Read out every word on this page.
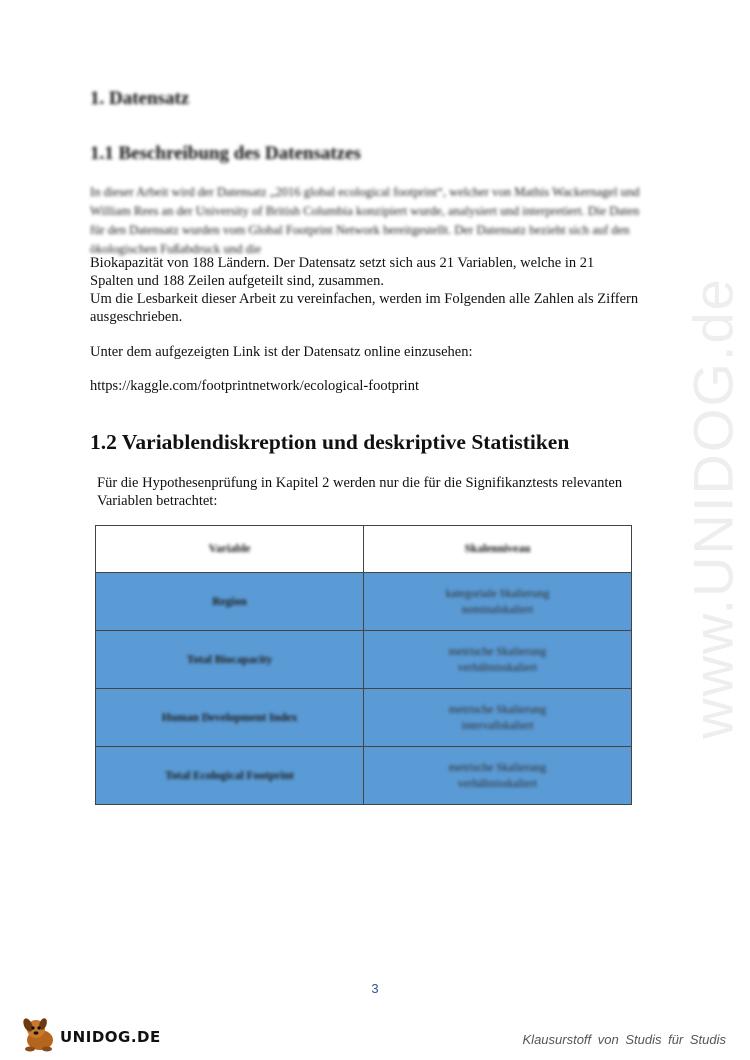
www.UNIDOG.de
1. Datensatz
1.1 Beschreibung des Datensatzes

In dieser Arbeit wird der Datensatz „2016 global ecological footprint“, welcher von Mathis Wackernagel und William Rees an der University of British Columbia konzipiert wurde, analysiert und interpretiert. Die Daten für den Datensatz wurden vom Global Footprint Network bereitgestellt. Der Datensatz bezieht sich auf den ökologischen Fußabdruck und die

Biokapazität von 188 Ländern. Der Datensatz setzt sich aus 21 Variablen, welche in 21

Spalten und 188 Zeilen aufgeteilt sind, zusammen.

Um die Lesbarkeit dieser Arbeit zu vereinfachen, werden im Folgenden alle Zahlen als Ziffern ausgeschrieben.

Unter dem aufgezeigten Link ist der Datensatz online einzusehen:

https://kaggle.com/footprintnetwork/ecological-footprint

1.2 Variablendiskreption und deskriptive Statistiken

Für die Hypothesenprüfung in Kapitel 2 werden nur die für die Signifikanztests relevanten Variablen betrachtet:

Variable	Skalenniveau

Region	kategoriale Skalierung
nominalskaliert

Total Biocapacity	metrische Skalierung
verhältnisskaliert

Human Development Index	metrische Skalierung
intervallskaliert

Total Ecological Footprint	metrische Skalierung
verhältnisskaliert
3
UNIDOG.DE	Klausurstoff von Studis für Studis
